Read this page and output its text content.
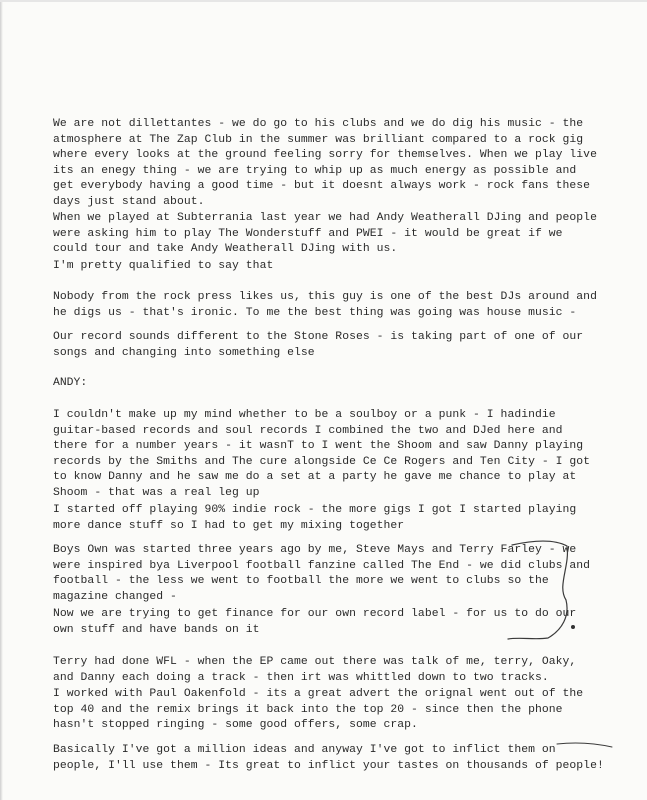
We are not dillettantes - we do go to his clubs and we do dig his music - the
atmosphere at The Zap Club in the summer was brilliant compared to a rock gig
where every looks at the ground feeling sorry for themselves. When we play live
its an enegy thing - we are trying to whip up as much energy as possible and
get everybody having a good time - but it doesnt always work - rock fans these
days just stand about.
When we played at Subterrania last year we had Andy Weatherall DJing and people
were asking him to play The Wonderstuff and PWEI - it would be great if we
could tour and take Andy Weatherall DJing with us.
I'm pretty qualified to say that
Nobody from the rock press likes us, this guy is one of the best DJs around and
he digs us - that's ironic. To me the best thing was going was house music -
Our record sounds different to the Stone Roses - is taking part of one of our
songs and changing into something else
ANDY:
I couldn't make up my mind whether to be a soulboy or a punk - I hadindie
guitar-based records and soul records I combined the two and DJed here and
there for a number years - it wasnT to I went the Shoom and saw Danny playing
records by the Smiths and The cure alongside Ce Ce Rogers and Ten City - I got
to know Danny and he saw me do a set at a party he gave me chance to play at
Shoom - that was a real leg up
I started off playing 90% indie rock - the more gigs I got I started playing
more dance stuff so I had to get my mixing together
Boys Own was started three years ago by me, Steve Mays and Terry Farley - we
were inspired bya Liverpool football fanzine called The End - we did clubs and
football - the less we went to football the more we went to clubs so the
magazine changed -
Now we are trying to get finance for our own record label - for us to do our
own stuff and have bands on it
Terry had done WFL - when the EP came out there was talk of me, terry, Oaky,
and Danny each doing a track - then irt was whittled down to two tracks.
I worked with Paul Oakenfold - its a great advert the orignal went out of the
top 40 and the remix brings it back into the top 20 - since then the phone
hasn't stopped ringing - some good offers, some crap.
Basically I've got a million ideas and anyway I've got to inflict them on
people, I'll use them - Its great to inflict your tastes on thousands of people!
